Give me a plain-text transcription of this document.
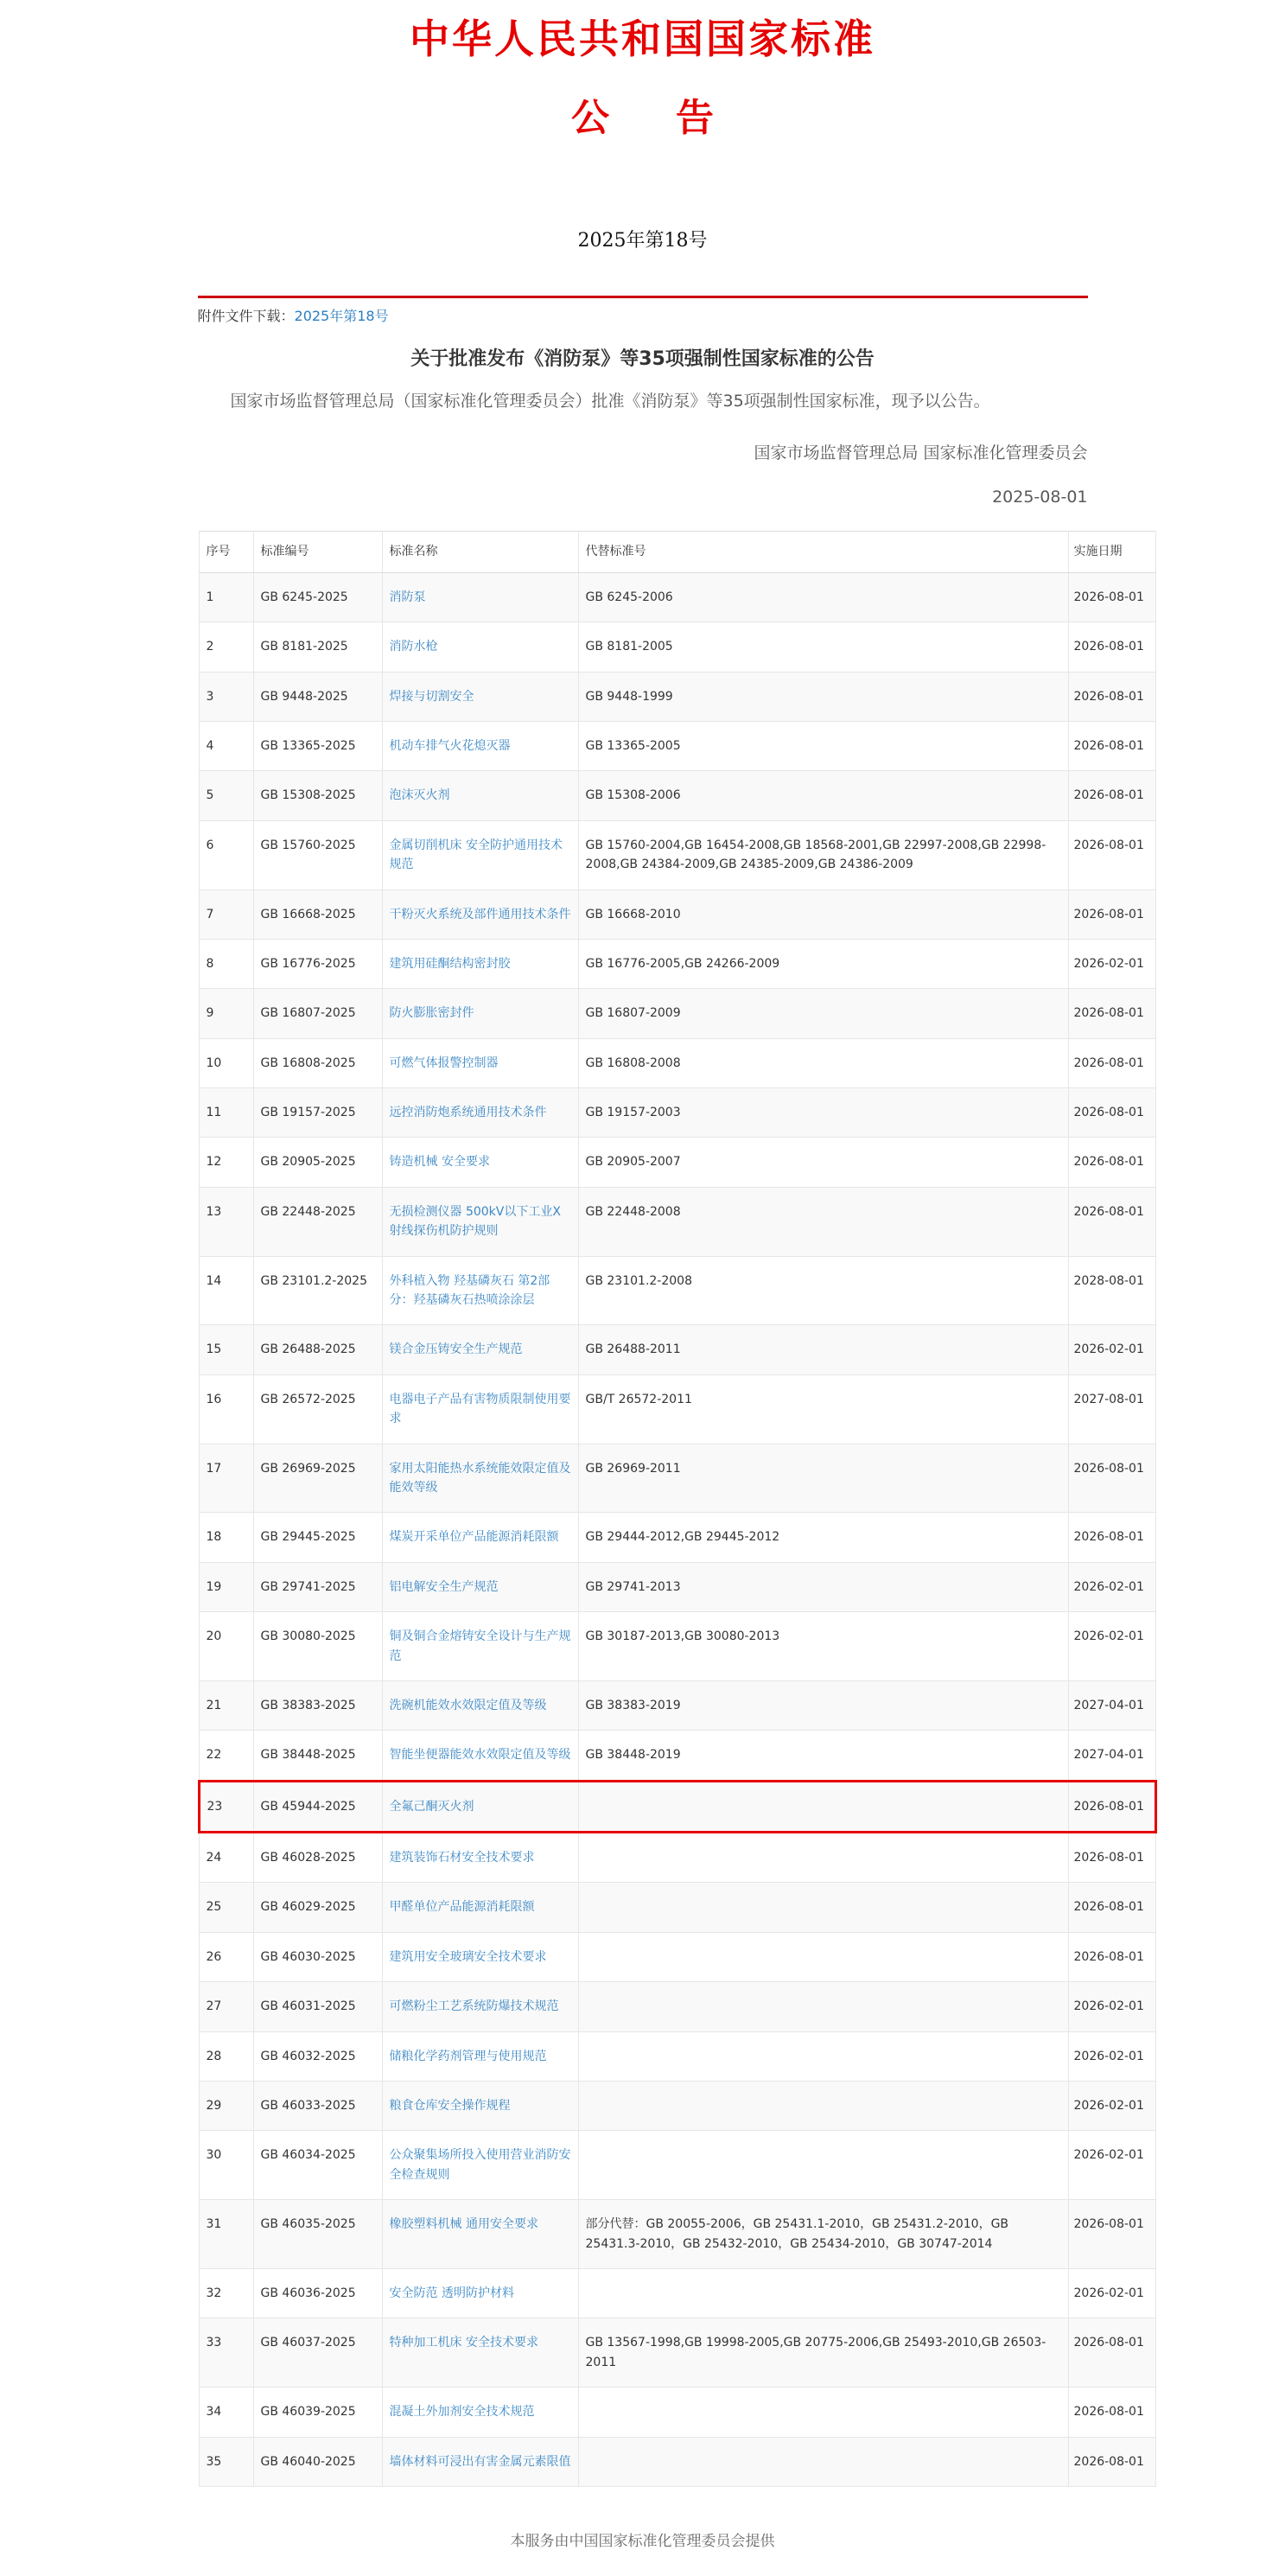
中华人民共和国国家标准
公 告
2025年第18号
附件文件下载：2025年第18号
关于批准发布《消防泵》等35项强制性国家标准的公告

国家市场监督管理总局（国家标准化管理委员会）批准《消防泵》等35项强制性国家标准，现予以公告。

国家市场监督管理总局 国家标准化管理委员会
2025-08-01
序号	标准编号	标准名称	代替标准号	实施日期
1	GB 6245-2025	消防泵	GB 6245-2006	2026-08-01
2	GB 8181-2025	消防水枪	GB 8181-2005	2026-08-01
3	GB 9448-2025	焊接与切割安全	GB 9448-1999	2026-08-01
4	GB 13365-2025	机动车排气火花熄灭器	GB 13365-2005	2026-08-01
5	GB 15308-2025	泡沫灭火剂	GB 15308-2006	2026-08-01
6	GB 15760-2025	金属切削机床 安全防护通用技术规范	GB 15760-2004,GB 16454-2008,GB 18568-2001,GB 22997-2008,GB 22998-2008,GB 24384-2009,GB 24385-2009,GB 24386-2009	2026-08-01
7	GB 16668-2025	干粉灭火系统及部件通用技术条件	GB 16668-2010	2026-08-01
8	GB 16776-2025	建筑用硅酮结构密封胶	GB 16776-2005,GB 24266-2009	2026-02-01
9	GB 16807-2025	防火膨胀密封件	GB 16807-2009	2026-08-01
10	GB 16808-2025	可燃气体报警控制器	GB 16808-2008	2026-08-01
11	GB 19157-2025	远控消防炮系统通用技术条件	GB 19157-2003	2026-08-01
12	GB 20905-2025	铸造机械 安全要求	GB 20905-2007	2026-08-01
13	GB 22448-2025	无损检测仪器 500kV以下工业X射线探伤机防护规则	GB 22448-2008	2026-08-01
14	GB 23101.2-2025	外科植入物 羟基磷灰石 第2部分：羟基磷灰石热喷涂涂层	GB 23101.2-2008	2028-08-01
15	GB 26488-2025	镁合金压铸安全生产规范	GB 26488-2011	2026-02-01
16	GB 26572-2025	电器电子产品有害物质限制使用要求	GB/T 26572-2011	2027-08-01
17	GB 26969-2025	家用太阳能热水系统能效限定值及能效等级	GB 26969-2011	2026-08-01
18	GB 29445-2025	煤炭开采单位产品能源消耗限额	GB 29444-2012,GB 29445-2012	2026-08-01
19	GB 29741-2025	铝电解安全生产规范	GB 29741-2013	2026-02-01
20	GB 30080-2025	铜及铜合金熔铸安全设计与生产规范	GB 30187-2013,GB 30080-2013	2026-02-01
21	GB 38383-2025	洗碗机能效水效限定值及等级	GB 38383-2019	2027-04-01
22	GB 38448-2025	智能坐便器能效水效限定值及等级	GB 38448-2019	2027-04-01
23	GB 45944-2025	全氟己酮灭火剂		2026-08-01
24	GB 46028-2025	建筑装饰石材安全技术要求		2026-08-01
25	GB 46029-2025	甲醛单位产品能源消耗限额		2026-08-01
26	GB 46030-2025	建筑用安全玻璃安全技术要求		2026-08-01
27	GB 46031-2025	可燃粉尘工艺系统防爆技术规范		2026-02-01
28	GB 46032-2025	储粮化学药剂管理与使用规范		2026-02-01
29	GB 46033-2025	粮食仓库安全操作规程		2026-02-01
30	GB 46034-2025	公众聚集场所投入使用营业消防安全检查规则		2026-02-01
31	GB 46035-2025	橡胶塑料机械 通用安全要求	部分代替：GB 20055-2006，GB 25431.1-2010，GB 25431.2-2010，GB 25431.3-2010，GB 25432-2010，GB 25434-2010，GB 30747-2014	2026-08-01
32	GB 46036-2025	安全防范 透明防护材料		2026-02-01
33	GB 46037-2025	特种加工机床 安全技术要求	GB 13567-1998,GB 19998-2005,GB 20775-2006,GB 25493-2010,GB 26503-2011	2026-08-01
34	GB 46039-2025	混凝土外加剂安全技术规范		2026-08-01
35	GB 46040-2025	墙体材料可浸出有害金属元素限值		2026-08-01
本服务由中国国家标准化管理委员会提供
